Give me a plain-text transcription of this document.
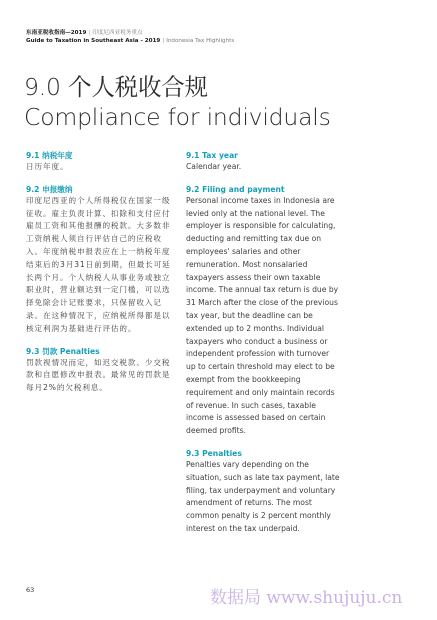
东南亚税收指南—2019 | 印度尼西亚税务重点
Guide to Taxation in Southeast Asia - 2019 | Indonesia Tax Highlights
9.0 个人税收合规
Compliance for individuals
9.1 纳税年度
日历年度。
9.2 申报缴纳
印度尼西亚的个人所得税仅在国家一级征收。雇主负责计算、扣除和支付应付雇员工资和其他报酬的税款。大多数非工资纳税人须自行评估自己的应税收入。年度纳税申报表应在上一纳税年度结束后的3月31日前到期，但最长可延长两个月。个人纳税人从事业务或独立职业时，营业额达到一定门槛，可以选择免除会计记账要求，只保留收入记录。在这种情况下，应纳税所得都是以核定利润为基础进行评估的。
9.3 罚款 Penalties
罚款视情况而定，如迟交税款、少交税款和自愿修改申报表。最常见的罚款是每月2%的欠税利息。
9.1 Tax year
Calendar year.
9.2 Filing and payment
Personal income taxes in Indonesia are levied only at the national level. The employer is responsible for calculating, deducting and remitting tax due on employees' salaries and other remuneration. Most nonsalaried taxpayers assess their own taxable income. The annual tax return is due by 31 March after the close of the previous tax year, but the deadline can be extended up to 2 months. Individual taxpayers who conduct a business or independent profession with turnover up to certain threshold may elect to be exempt from the bookkeeping requirement and only maintain records of revenue. In such cases, taxable income is assessed based on certain deemed profits.
9.3 Penalties
Penalties vary depending on the situation, such as late tax payment, late filing, tax underpayment and voluntary amendment of returns. The most common penalty is 2 percent monthly interest on the tax underpaid.
63	数据局 www.shujuju.cn
